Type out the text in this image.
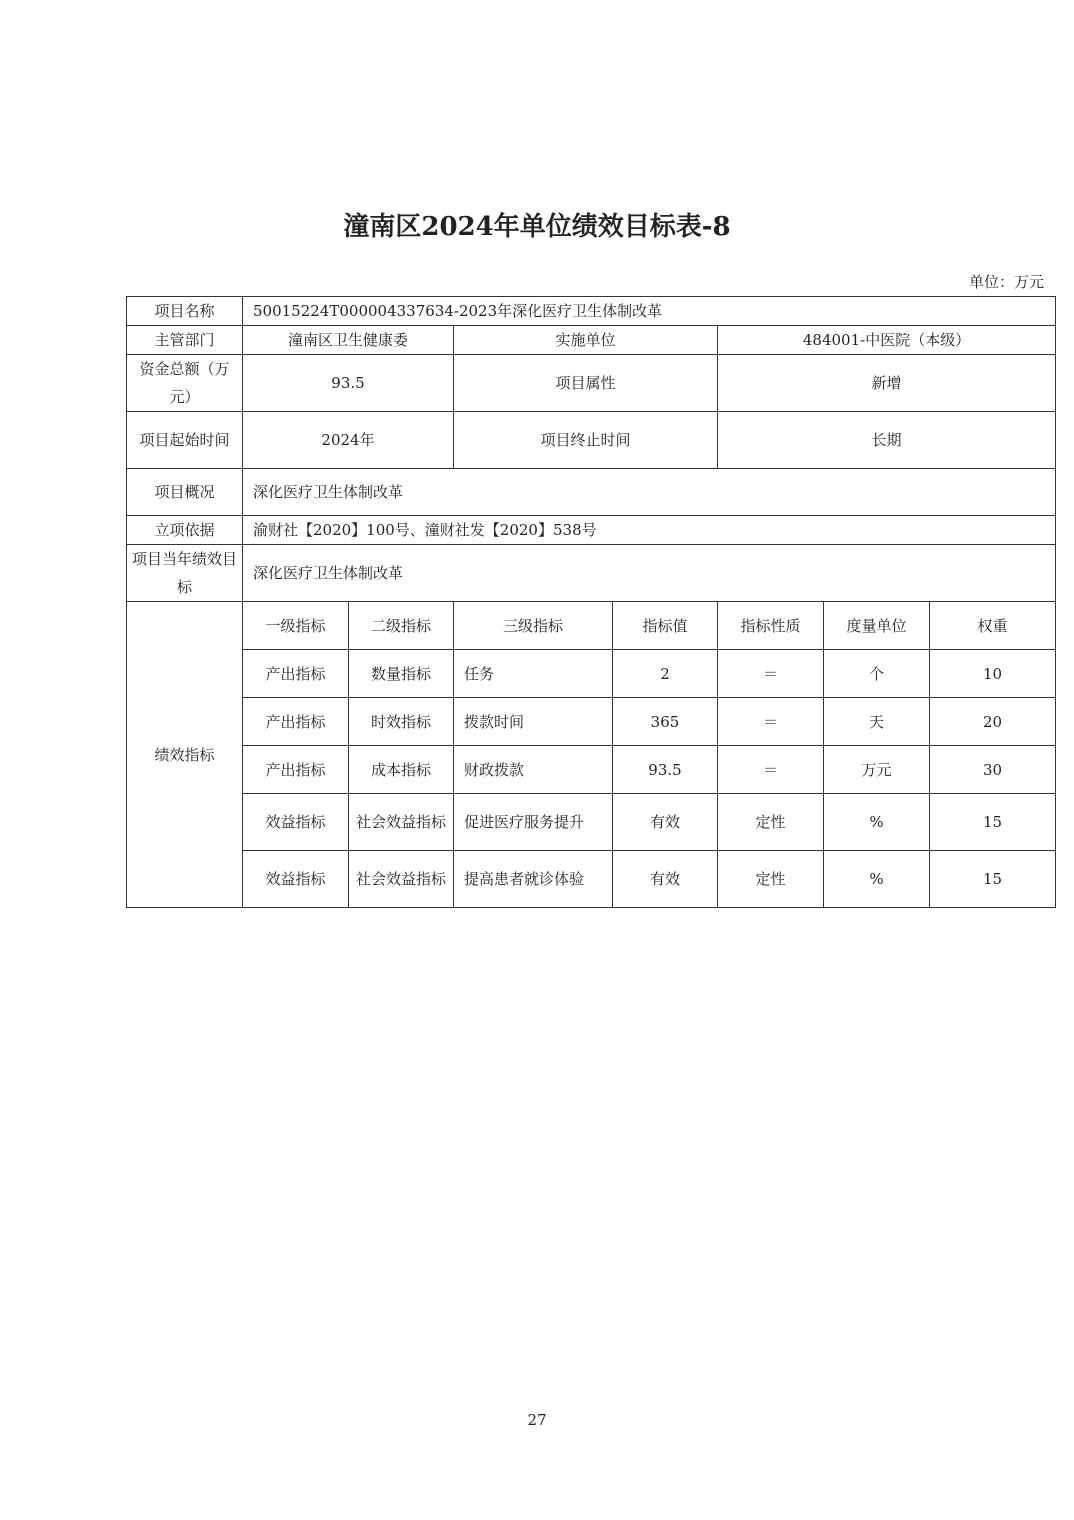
潼南区2024年单位绩效目标表-8
单位：万元
项目名称	50015224T000004337634-2023年深化医疗卫生体制改革						
主管部门	潼南区卫生健康委		实施单位		484001-中医院（本级）		
资金总额（万元）	93.5		项目属性		新增		
项目起始时间	2024年		项目终止时间		长期		
项目概况	深化医疗卫生体制改革						
立项依据	渝财社【2020】100号、潼财社发【2020】538号						
项目当年绩效目标	深化医疗卫生体制改革						
绩效指标	一级指标	二级指标	三级指标	指标值	指标性质	度量单位	权重
	产出指标	数量指标	任务	2	＝	个	10
	产出指标	时效指标	拨款时间	365	＝	天	20
	产出指标	成本指标	财政拨款	93.5	＝	万元	30
	效益指标	社会效益指标	促进医疗服务提升	有效	定性	%	15
	效益指标	社会效益指标	提高患者就诊体验	有效	定性	%	15
27
